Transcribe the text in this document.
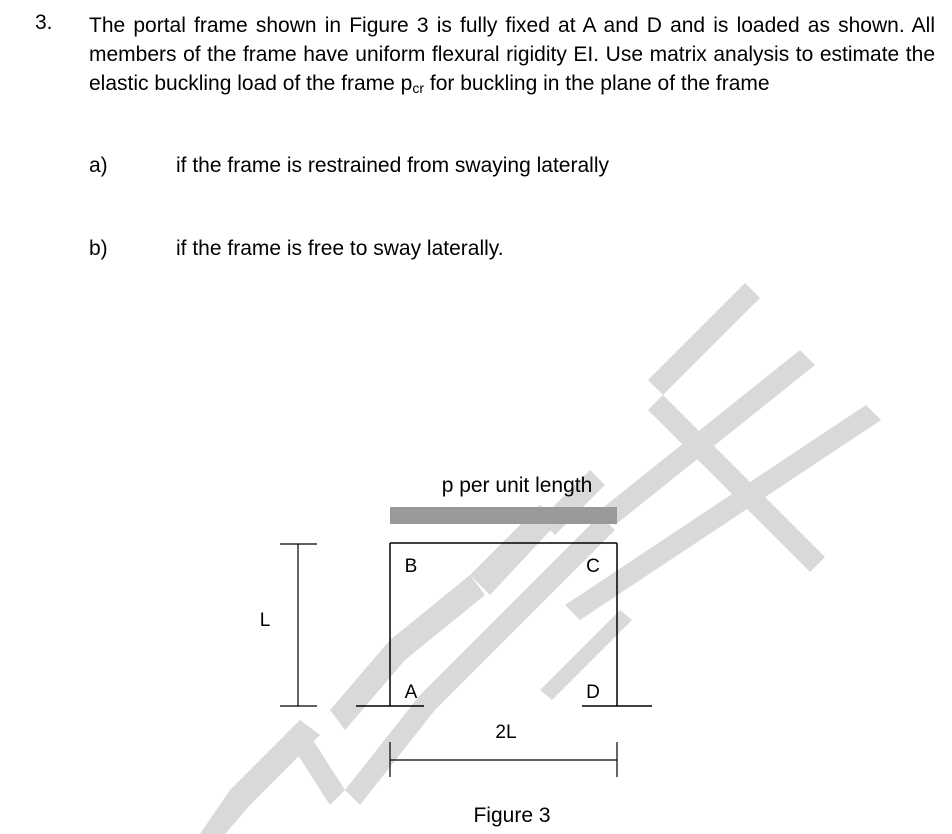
3. The portal frame shown in Figure 3 is fully fixed at A and D and is loaded as shown. All members of the frame have uniform flexural rigidity EI. Use matrix analysis to estimate the elastic buckling load of the frame $p_{cr}$ for buckling in the plane of the frame
a)	if the frame is restrained from swaying laterally
b)	if the frame is free to sway laterally.
p per unit length
B	C
A	D
L
2L
Figure 3
